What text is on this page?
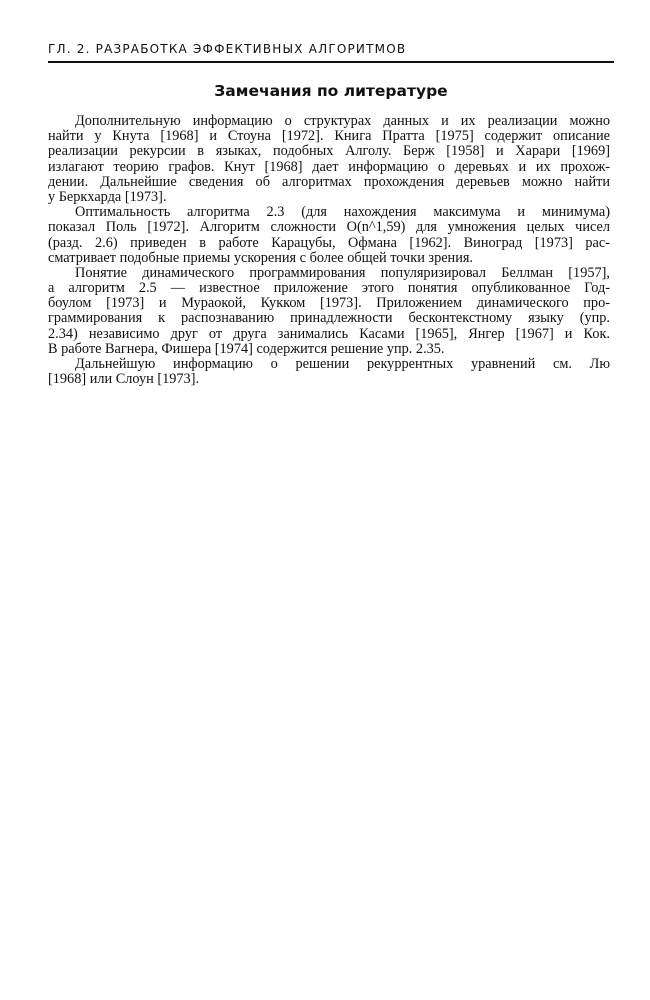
ГЛ. 2. РАЗРАБОТКА ЭФФЕКТИВНЫХ АЛГОРИТМОВ
Замечания по литературе
Дополнительную информацию о структурах данных и их реализации можно
найти у Кнута [1968] и Стоуна [1972]. Книга Пратта [1975] содержит описание
реализации рекурсии в языках, подобных Алголу. Берж [1958] и Харари [1969]
излагают теорию графов. Кнут [1968] дает информацию о деревьях и их прохож-
дении. Дальнейшие сведения об алгоритмах прохождения деревьев можно найти
у Беркхарда [1973].
Оптимальность алгоритма 2.3 (для нахождения максимума и минимума)
показал Поль [1972]. Алгоритм сложности O(n^1,59) для умножения целых чисел
(разд. 2.6) приведен в работе Карацубы, Офмана [1962]. Виноград [1973] рас-
сматривает подобные приемы ускорения с более общей точки зрения.
Понятие динамического программирования популяризировал Беллман [1957],
а алгоритм 2.5 — известное приложение этого понятия опубликованное Год-
боулом [1973] и Мураокой, Кукком [1973]. Приложением динамического про-
граммирования к распознаванию принадлежности бесконтекстному языку (упр.
2.34) независимо друг от друга занимались Касами [1965], Янгер [1967] и Кок.
В работе Вагнера, Фишера [1974] содержится решение упр. 2.35.
Дальнейшую информацию о решении рекуррентных уравнений см. Лю
[1968] или Слоун [1973].
